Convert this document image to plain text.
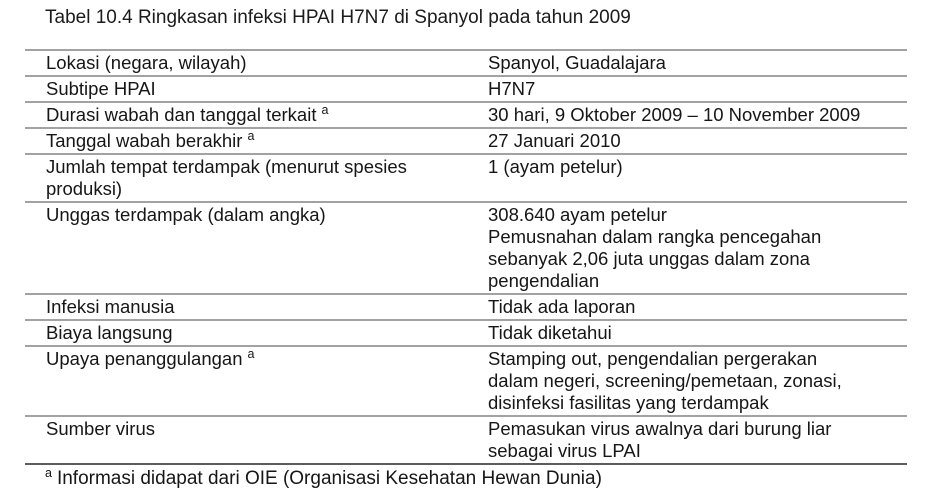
Tabel 10.4 Ringkasan infeksi HPAI H7N7 di Spanyol pada tahun 2009
Lokasi (negara, wilayah)	Spanyol, Guadalajara

Subtipe HPAI	H7N7

Durasi wabah dan tanggal terkait $^a$	30 hari, 9 Oktober 2009 – 10 November 2009

Tanggal wabah berakhir $^a$	27 Januari 2010

Jumlah tempat terdampak (menurut spesies
produksi)	1 (ayam petelur)

Unggas terdampak (dalam angka)	308.640 ayam petelur
Pemusnahan dalam rangka pencegahan
sebanyak 2,06 juta unggas dalam zona
pengendalian

Infeksi manusia	Tidak ada laporan

Biaya langsung	Tidak diketahui

Upaya penanggulangan $^a$	Stamping out, pengendalian pergerakan
dalam negeri, screening/pemetaan, zonasi,
disinfeksi fasilitas yang terdampak

Sumber virus	Pemasukan virus awalnya dari burung liar
sebagai virus LPAI
$^a$ Informasi didapat dari OIE (Organisasi Kesehatan Hewan Dunia)
